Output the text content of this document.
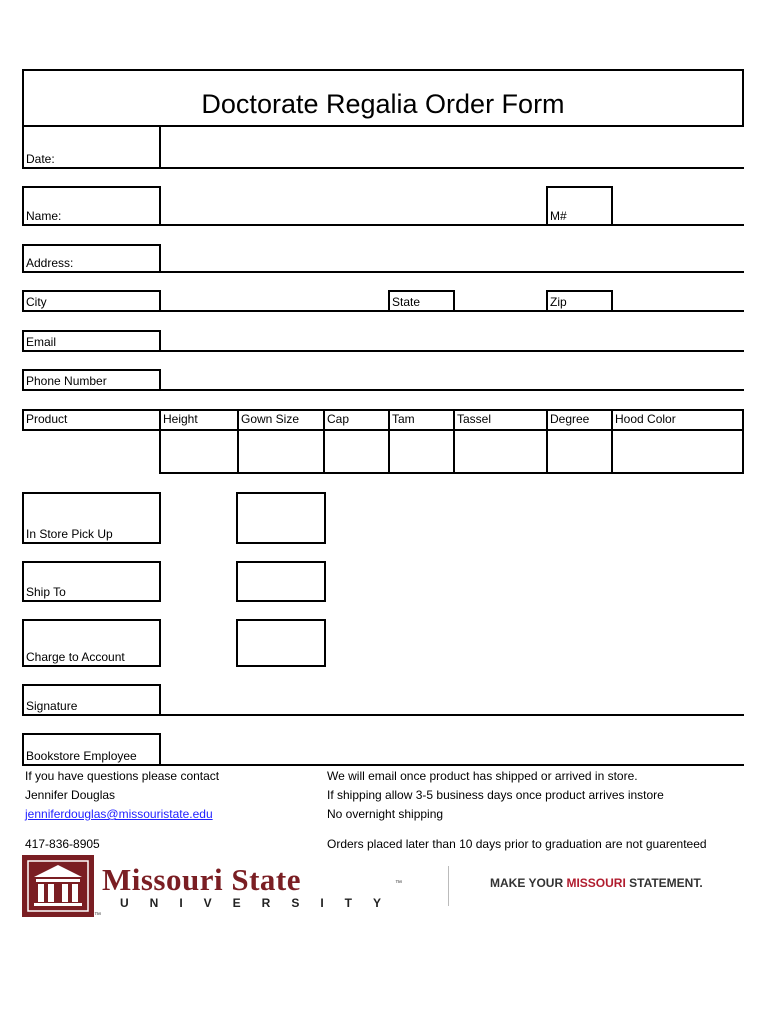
Doctorate Regalia Order Form
Date:
Name:	M#
Address:
City	State	Zip
Email
Phone Number
Product	Height	Gown Size	Cap	Tam	Tassel	Degree	Hood Color
In Store Pick Up
Ship To
Charge to Account
Signature
Bookstore Employee
If you have questions please contact
Jennifer Douglas
jenniferdouglas@missouristate.edu
417-836-8905
We will email once product has shipped or arrived in store.
If shipping allow 3-5 business days once product arrives instore
No overnight shipping
Orders placed later than 10 days prior to graduation are not guarenteed
Missouri State	™
UNIVERSITY
™
MAKE YOUR MISSOURI STATEMENT.
